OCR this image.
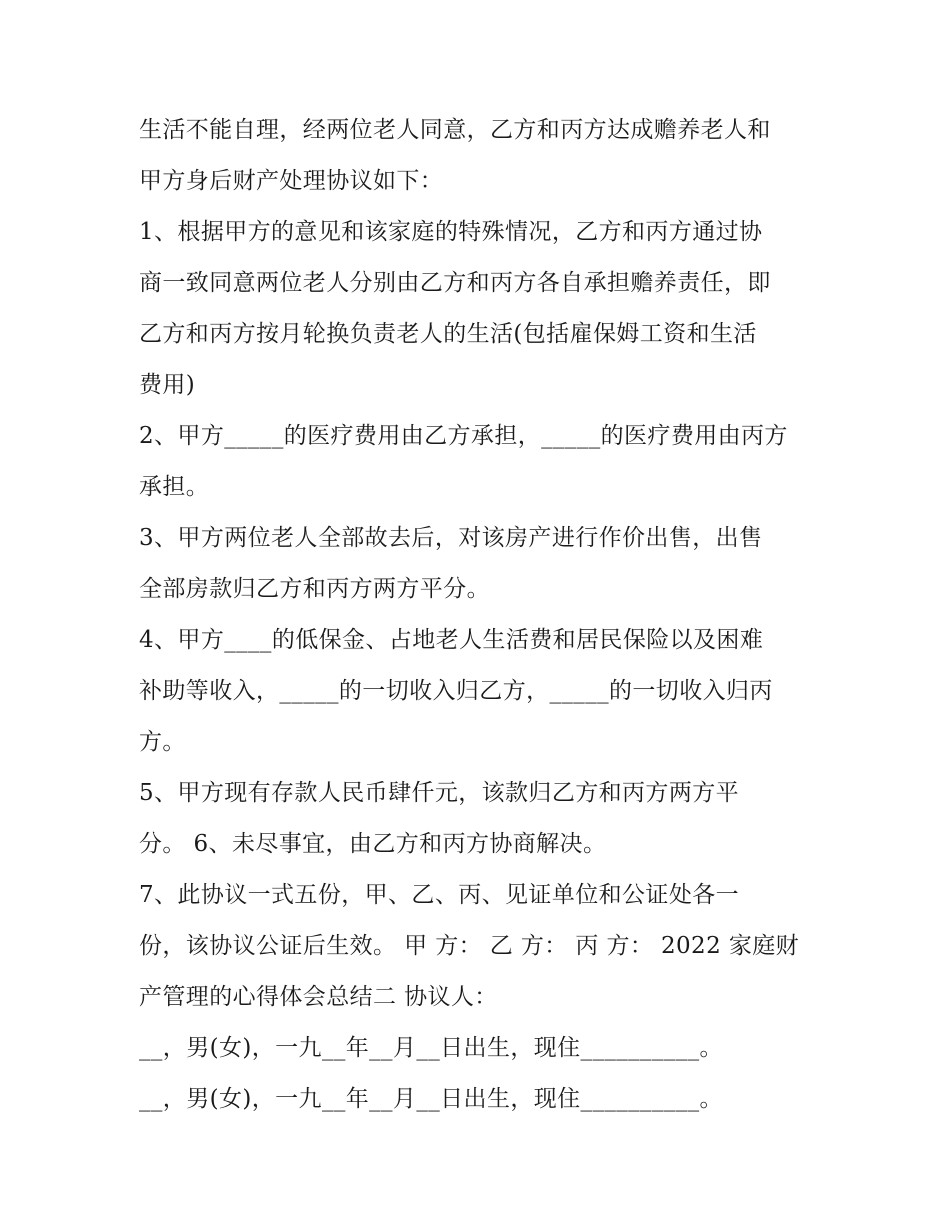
生活不能自理，经两位老人同意，乙方和丙方达成赡养老人和
甲方身后财产处理协议如下：
1、根据甲方的意见和该家庭的特殊情况，乙方和丙方通过协
商一致同意两位老人分别由乙方和丙方各自承担赡养责任，即
乙方和丙方按月轮换负责老人的生活(包括雇保姆工资和生活
费用)
2、甲方_____的医疗费用由乙方承担，_____的医疗费用由丙方
承担。
3、甲方两位老人全部故去后，对该房产进行作价出售，出售
全部房款归乙方和丙方两方平分。
4、甲方____的低保金、占地老人生活费和居民保险以及困难
补助等收入，_____的一切收入归乙方，_____的一切收入归丙
方。
5、甲方现有存款人民币肆仟元，该款归乙方和丙方两方平
分。 6、未尽事宜，由乙方和丙方协商解决。
7、此协议一式五份，甲、乙、丙、见证单位和公证处各一
份，该协议公证后生效。 甲 方： 乙 方： 丙 方： 2022 家庭财
产管理的心得体会总结二 协议人：
__，男(女)，一九__年__月__日出生，现住__________。
__，男(女)，一九__年__月__日出生，现住__________。
